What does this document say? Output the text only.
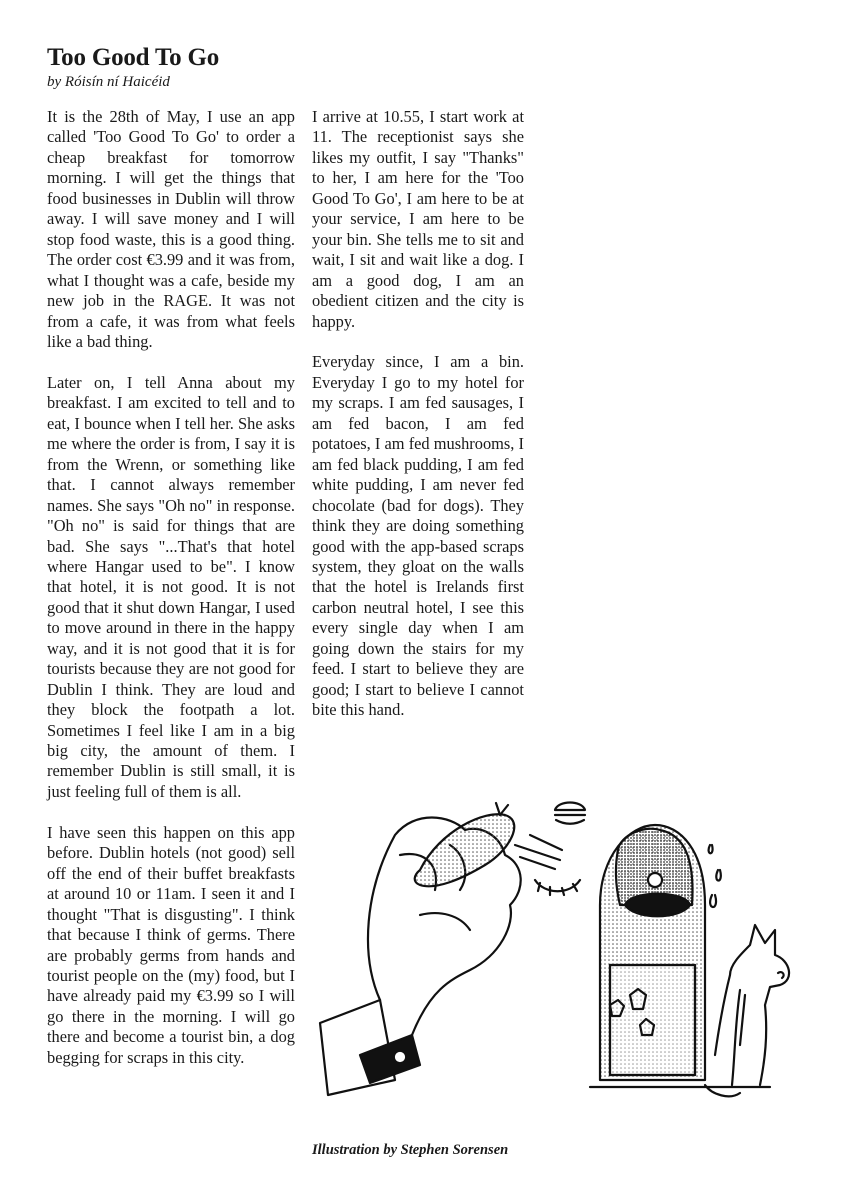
Too Good To Go

by Róisín ní Haicéid

It is the 28th of May, I use an app called 'Too Good To Go' to order a cheap breakfast for tomorrow morning. I will get the things that food businesses in Dublin will throw away. I will save money and I will stop food waste, this is a good thing. The order cost €3.99 and it was from, what I thought was a cafe, beside my new job in the RAGE. It was not from a cafe, it was from what feels like a bad thing.

Later on, I tell Anna about my breakfast. I am excited to tell and to eat, I bounce when I tell her. She asks me where the order is from, I say it is from the Wrenn, or something like that. I cannot always remember names. She says "Oh no" in response. "Oh no" is said for things that are bad. She says "...That's that hotel where Hangar used to be". I know that hotel, it is not good. It is not good that it shut down Hangar, I used to move around in there in the happy way, and it is not good that it is for tourists because they are not good for Dublin I think. They are loud and they block the footpath a lot. Sometimes I feel like I am in a big big city, the amount of them. I remember Dublin is still small, it is just feeling full of them is all.

I have seen this happen on this app before. Dublin hotels (not good) sell off the end of their buffet breakfasts at around 10 or 11am. I seen it and I thought "That is disgusting". I think that because I think of germs. There are probably germs from hands and tourist people on the (my) food, but I have already paid my €3.99 so I will go there in the morning. I will go there and become a tourist bin, a dog begging for scraps in this city.

I arrive at 10.55, I start work at 11. The receptionist says she likes my outfit, I say "Thanks" to her, I am here for the 'Too Good To Go', I am here to be at your service, I am here to be your bin. She tells me to sit and wait, I sit and wait like a dog. I am a good dog, I am an obedient citizen and the city is happy.

Everyday since, I am a bin. Everyday I go to my hotel for my scraps. I am fed sausages, I am fed bacon, I am fed potatoes, I am fed mushrooms, I am fed black pudding, I am fed white pudding, I am never fed chocolate (bad for dogs). They think they are doing something good with the app-based scraps system, they gloat on the walls that the hotel is Irelands first carbon neutral hotel, I see this every single day when I am going down the stairs for my feed. I start to believe they are good; I start to believe I cannot bite this hand.

Illustration by Stephen Sorensen
